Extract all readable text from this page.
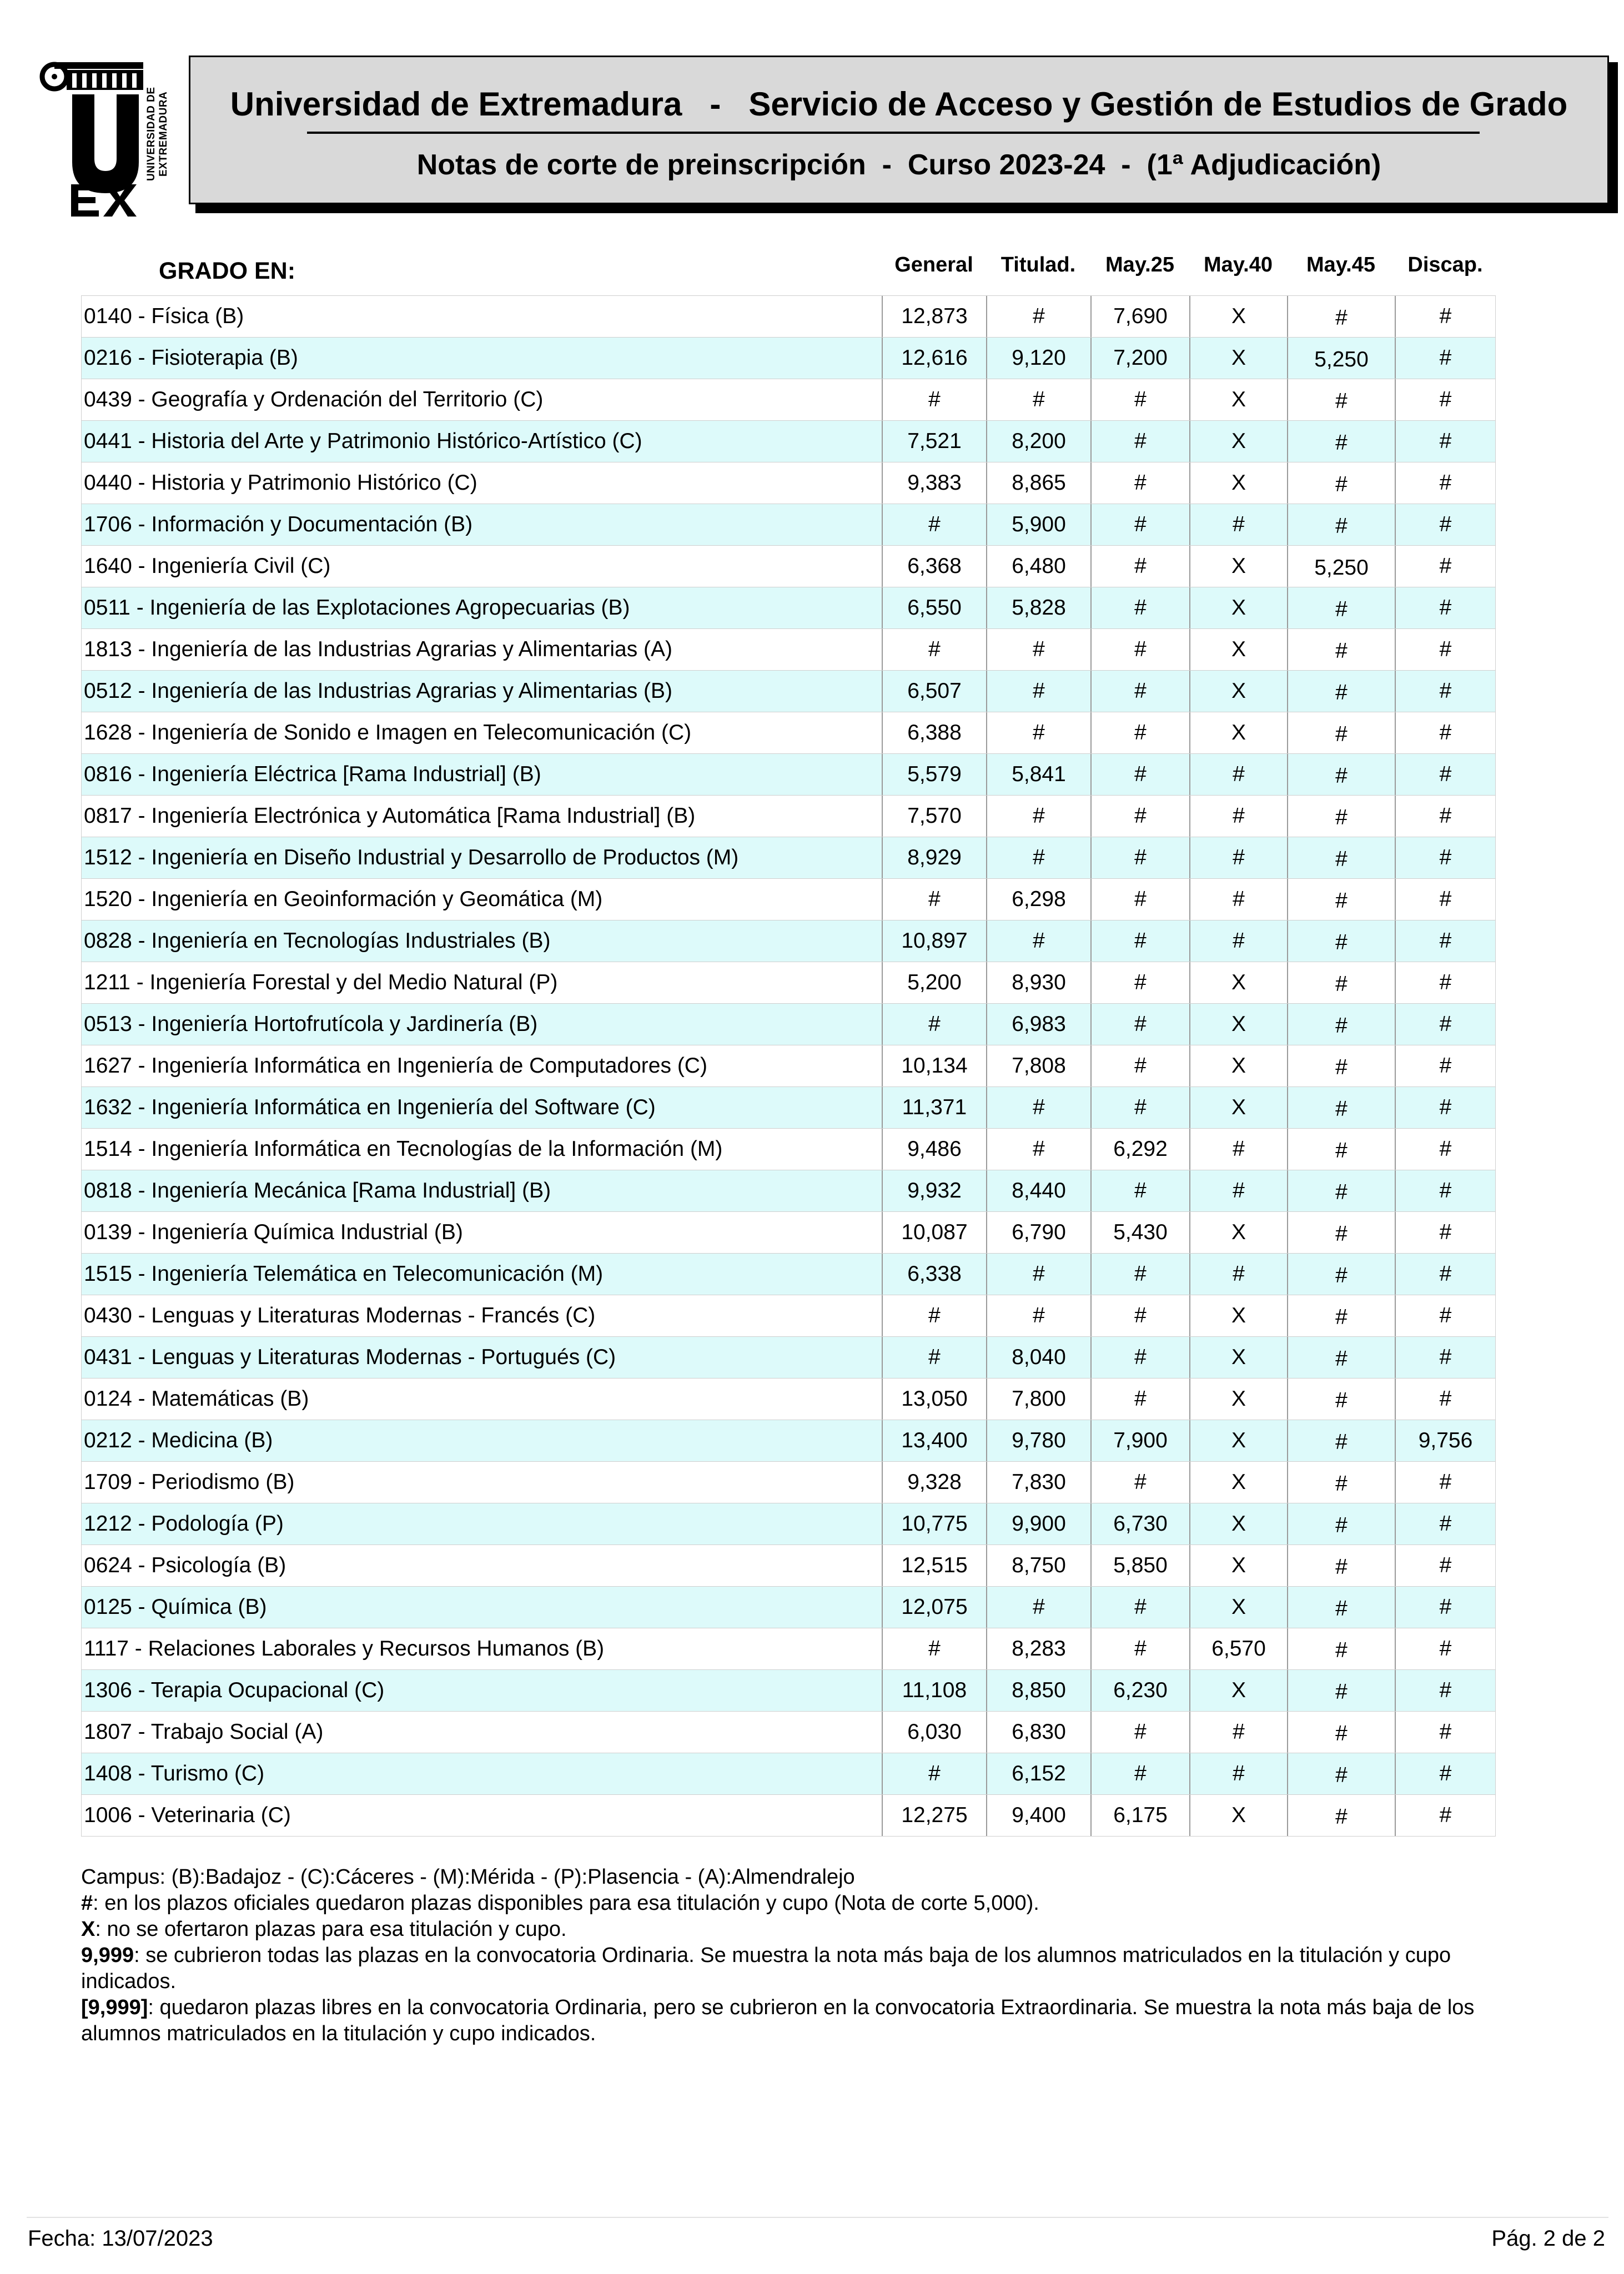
UNIVERSIDAD DE EXTREMADURA	Universidad de Extremadura   -   Servicio de Acceso y Gestión de Estudios de Grado
Notas de corte de preinscripción  -  Curso 2023-24  -  (1ª Adjudicación)
GRADO EN:	General	Titulad.	May.25	May.40	May.45	Discap.
0140 - Física (B)	12,873	#	7,690	X	#	#
0216 - Fisioterapia (B)	12,616	9,120	7,200	X	5,250	#
0439 - Geografía y Ordenación del Territorio (C)	#	#	#	X	#	#
0441 - Historia del Arte y Patrimonio Histórico-Artístico (C)	7,521	8,200	#	X	#	#
0440 - Historia y Patrimonio Histórico (C)	9,383	8,865	#	X	#	#
1706 - Información y Documentación (B)	#	5,900	#	#	#	#
1640 - Ingeniería Civil (C)	6,368	6,480	#	X	5,250	#
0511 - Ingeniería de las Explotaciones Agropecuarias (B)	6,550	5,828	#	X	#	#
1813 - Ingeniería de las Industrias Agrarias y Alimentarias (A)	#	#	#	X	#	#
0512 - Ingeniería de las Industrias Agrarias y Alimentarias (B)	6,507	#	#	X	#	#
1628 - Ingeniería de Sonido e Imagen en Telecomunicación (C)	6,388	#	#	X	#	#
0816 - Ingeniería Eléctrica [Rama Industrial] (B)	5,579	5,841	#	#	#	#
0817 - Ingeniería Electrónica y Automática [Rama Industrial] (B)	7,570	#	#	#	#	#
1512 - Ingeniería en Diseño Industrial y Desarrollo de Productos (M)	8,929	#	#	#	#	#
1520 - Ingeniería en Geoinformación y Geomática (M)	#	6,298	#	#	#	#
0828 - Ingeniería en Tecnologías Industriales (B)	10,897	#	#	#	#	#
1211 - Ingeniería Forestal y del Medio Natural (P)	5,200	8,930	#	X	#	#
0513 - Ingeniería Hortofrutícola y Jardinería (B)	#	6,983	#	X	#	#
1627 - Ingeniería Informática en Ingeniería de Computadores (C)	10,134	7,808	#	X	#	#
1632 - Ingeniería Informática en Ingeniería del Software (C)	11,371	#	#	X	#	#
1514 - Ingeniería Informática en Tecnologías de la Información (M)	9,486	#	6,292	#	#	#
0818 - Ingeniería Mecánica [Rama Industrial] (B)	9,932	8,440	#	#	#	#
0139 - Ingeniería Química Industrial (B)	10,087	6,790	5,430	X	#	#
1515 - Ingeniería Telemática en Telecomunicación (M)	6,338	#	#	#	#	#
0430 - Lenguas y Literaturas Modernas - Francés (C)	#	#	#	X	#	#
0431 - Lenguas y Literaturas Modernas - Portugués (C)	#	8,040	#	X	#	#
0124 - Matemáticas (B)	13,050	7,800	#	X	#	#
0212 - Medicina (B)	13,400	9,780	7,900	X	#	9,756
1709 - Periodismo (B)	9,328	7,830	#	X	#	#
1212 - Podología (P)	10,775	9,900	6,730	X	#	#
0624 - Psicología (B)	12,515	8,750	5,850	X	#	#
0125 - Química (B)	12,075	#	#	X	#	#
1117 - Relaciones Laborales y Recursos Humanos (B)	#	8,283	#	6,570	#	#
1306 - Terapia Ocupacional (C)	11,108	8,850	6,230	X	#	#
1807 - Trabajo Social (A)	6,030	6,830	#	#	#	#
1408 - Turismo (C)	#	6,152	#	#	#	#
1006 - Veterinaria (C)	12,275	9,400	6,175	X	#	#
Campus: (B):Badajoz - (C):Cáceres - (M):Mérida - (P):Plasencia - (A):Almendralejo
#: en los plazos oficiales quedaron plazas disponibles para esa titulación y cupo (Nota de corte 5,000).
X: no se ofertaron plazas para esa titulación y cupo.
9,999: se cubrieron todas las plazas en la convocatoria Ordinaria. Se muestra la nota más baja de los alumnos matriculados en la titulación y cupo indicados.
[9,999]: quedaron plazas libres en la convocatoria Ordinaria, pero se cubrieron en la convocatoria Extraordinaria. Se muestra la nota más baja de los alumnos matriculados en la titulación y cupo indicados.
Fecha: 13/07/2023	Pág. 2 de 2
